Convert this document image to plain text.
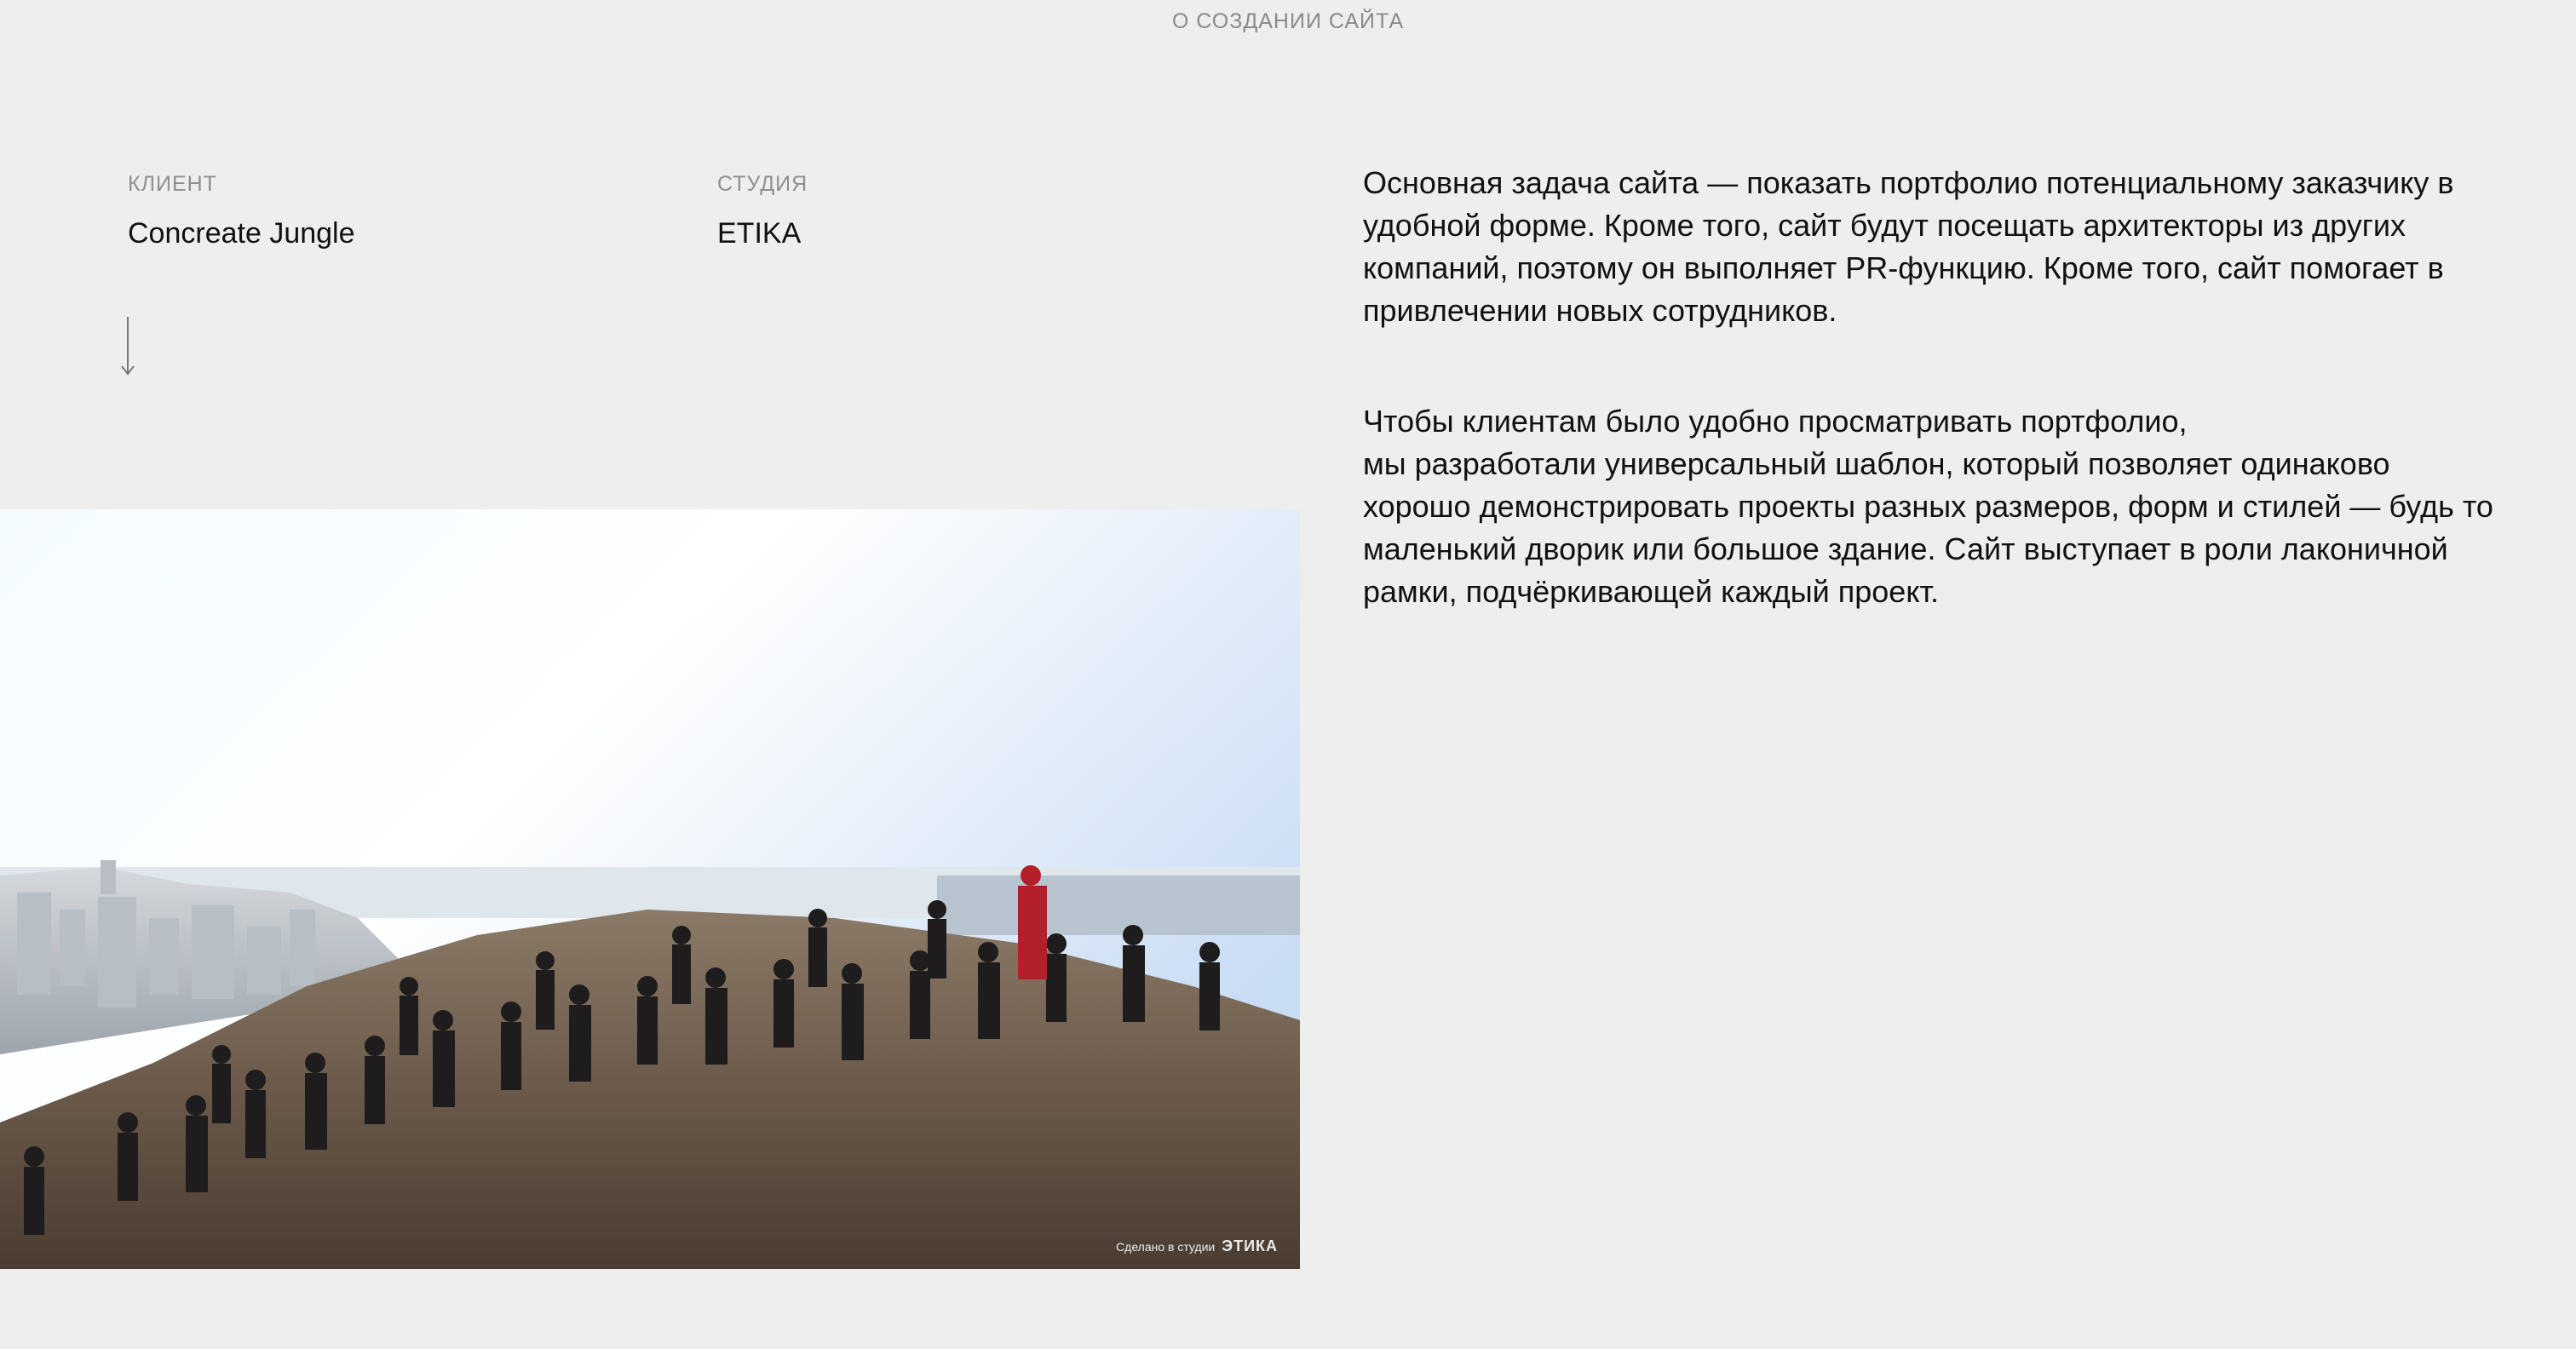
О СОЗДАНИИ САЙТА
КЛИЕНТ
Concreate Jungle
СТУДИЯ
ETIKA

Основная задача сайта — показать портфолио потенциальному заказчику в удобной форме. Кроме того, сайт будут посещать архитекторы из других компаний, поэтому он выполняет PR-функцию. Кроме того, сайт помогает в привлечении новых сотрудников.

Чтобы клиентам было удобно просматривать портфолио,
мы разработали универсальный шаблон, который позволяет одинаково хорошо демонстрировать проекты разных размеров, форм и стилей — будь то маленький дворик или большое здание. Сайт выступает в роли лаконичной рамки, подчёркивающей каждый проект.

Сделано в студии ЭТИКА
